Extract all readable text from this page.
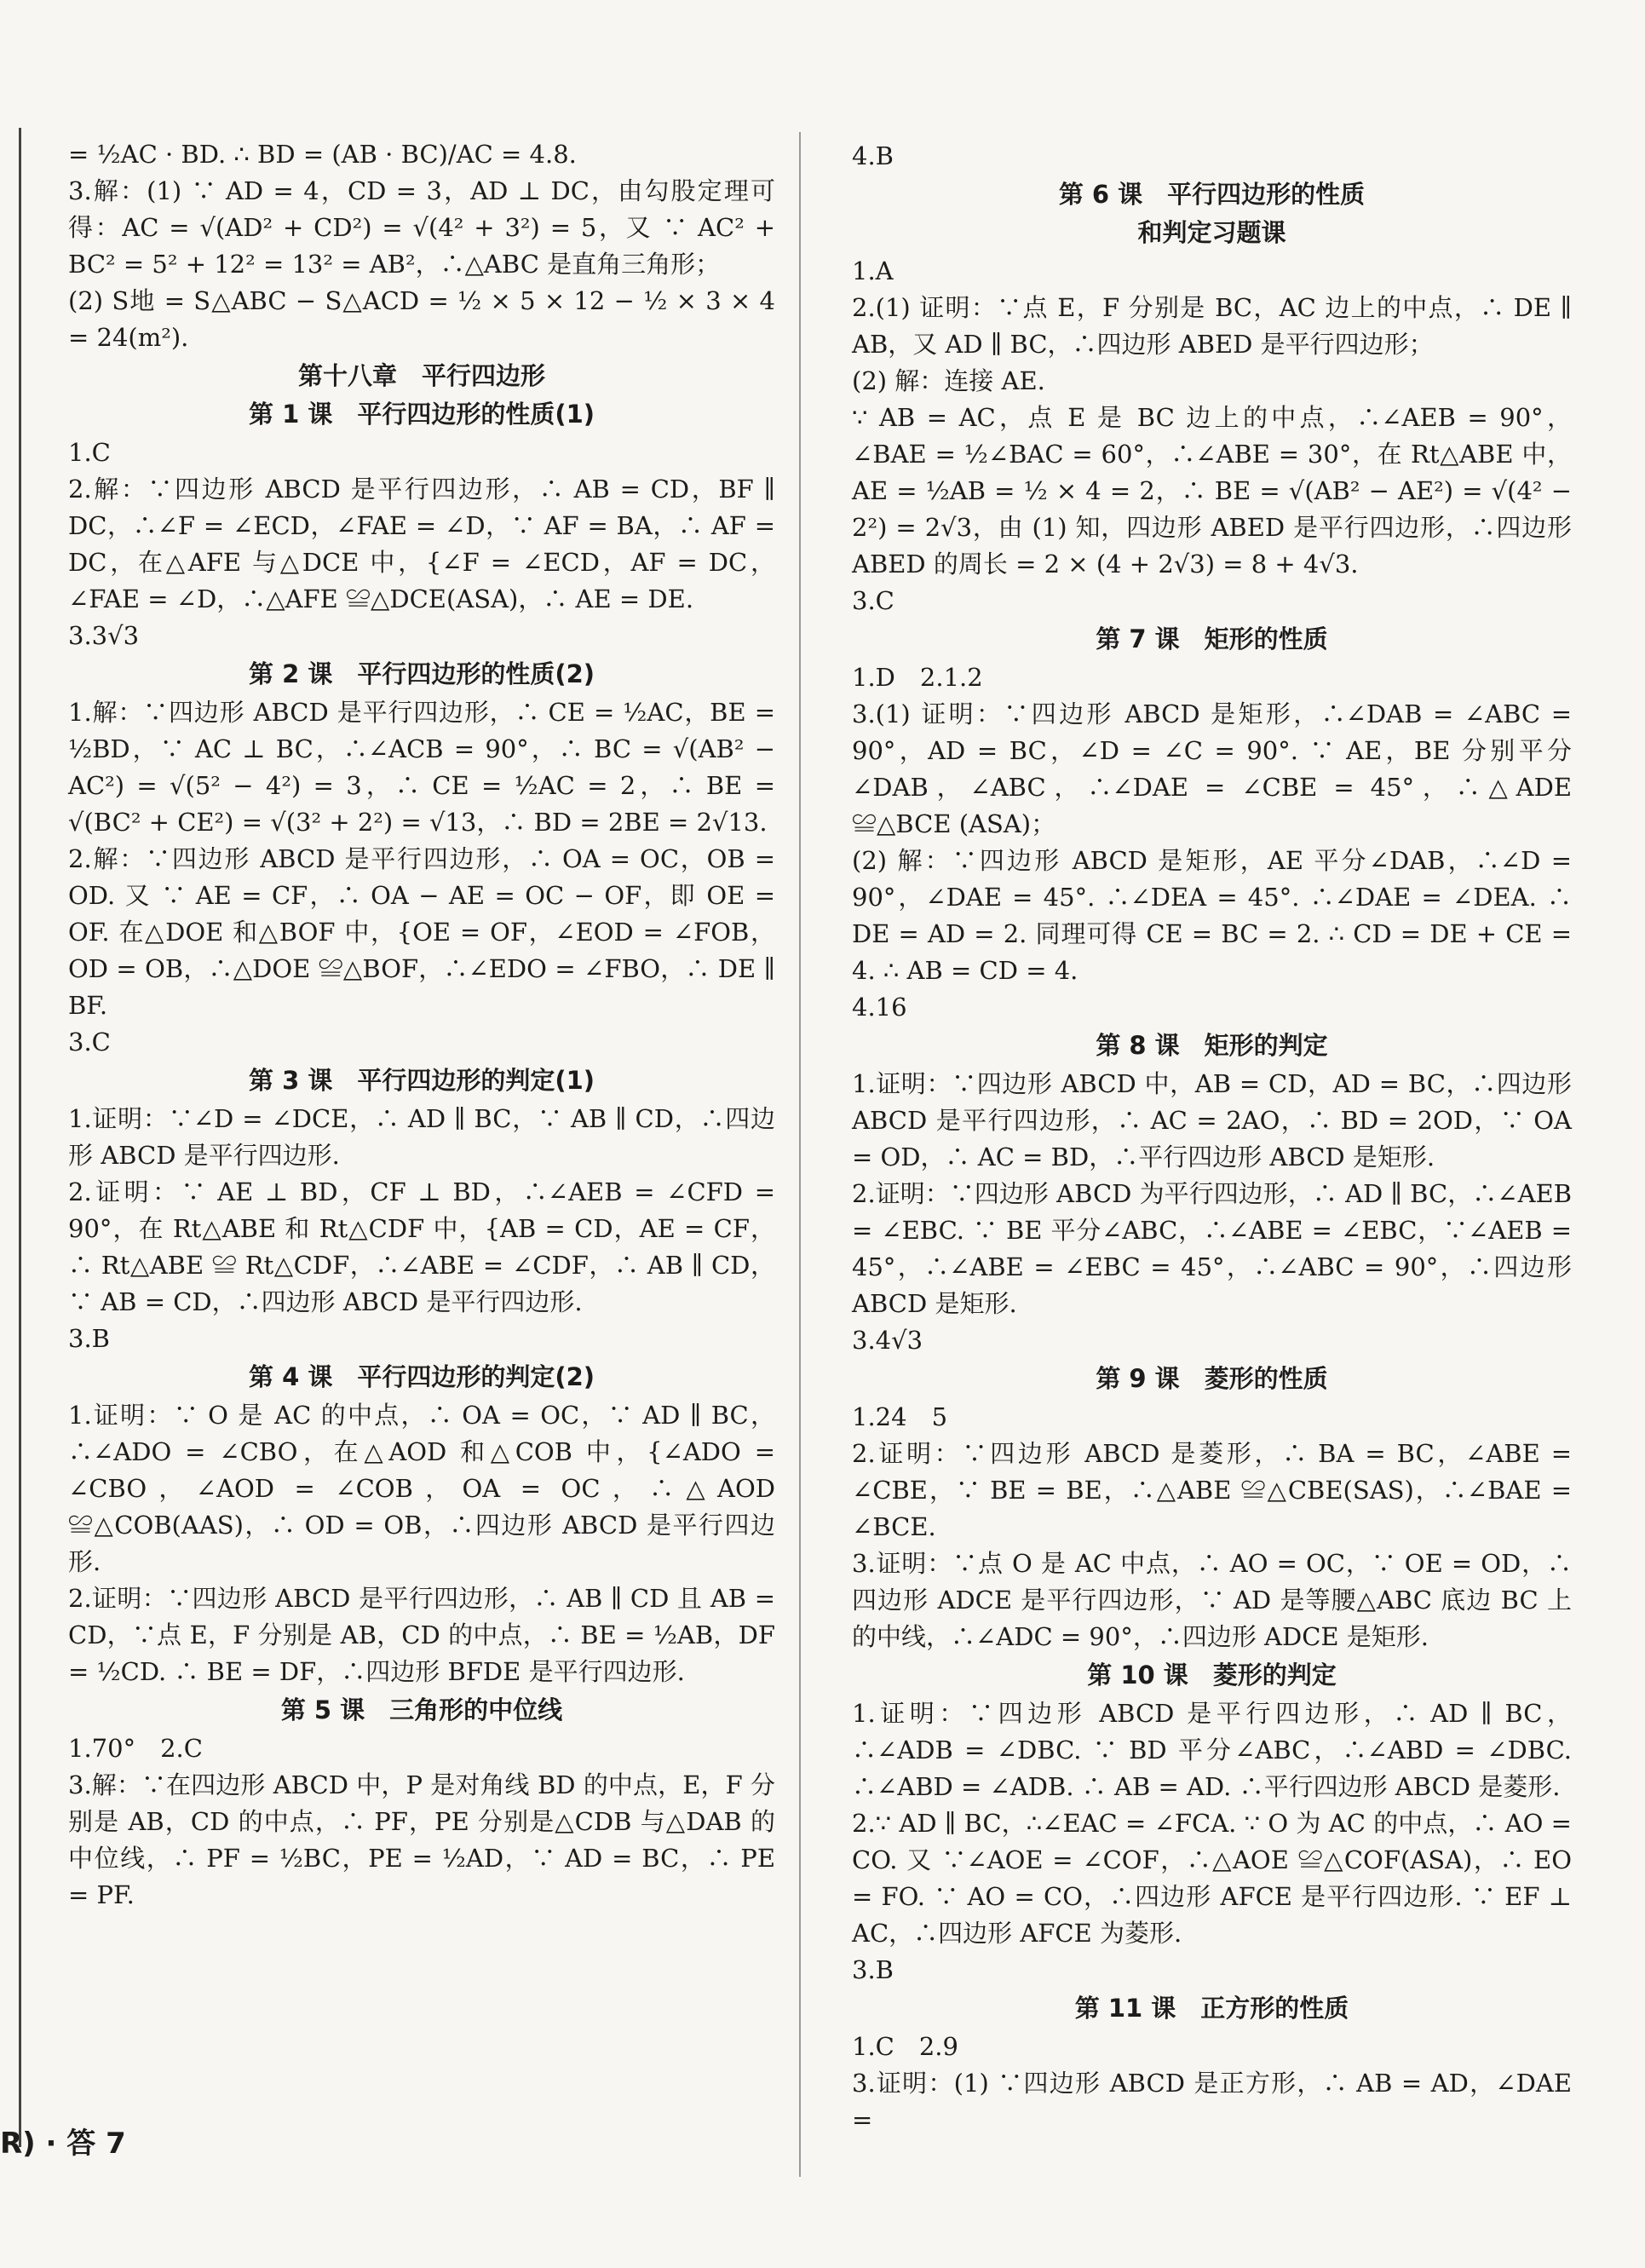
= ½AC · BD. ∴ BD = (AB · BC)/AC = 4.8.

3.解：(1) ∵ AD = 4，CD = 3，AD ⊥ DC，由勾股定理可得：AC = √(AD² + CD²) = √(4² + 3²) = 5，又 ∵ AC² + BC² = 5² + 12² = 13² = AB²，∴△ABC 是直角三角形；

(2) S地 = S△ABC − S△ACD = ½ × 5 × 12 − ½ × 3 × 4 = 24(m²).

第十八章　平行四边形
第 1 课　平行四边形的性质(1)

1.C

2.解：∵四边形 ABCD 是平行四边形，∴ AB = CD，BF ∥ DC，∴∠F = ∠ECD，∠FAE = ∠D，∵ AF = BA，∴ AF = DC，在△AFE 与△DCE 中，{∠F = ∠ECD，AF = DC，∠FAE = ∠D，∴△AFE ≌△DCE(ASA)，∴ AE = DE.

3.3√3

第 2 课　平行四边形的性质(2)

1.解：∵四边形 ABCD 是平行四边形，∴ CE = ½AC，BE = ½BD，∵ AC ⊥ BC，∴∠ACB = 90°，∴ BC = √(AB² − AC²) = √(5² − 4²) = 3，∴ CE = ½AC = 2，∴ BE = √(BC² + CE²) = √(3² + 2²) = √13，∴ BD = 2BE = 2√13.

2.解：∵四边形 ABCD 是平行四边形，∴ OA = OC，OB = OD. 又 ∵ AE = CF，∴ OA − AE = OC − OF，即 OE = OF. 在△DOE 和△BOF 中，{OE = OF，∠EOD = ∠FOB，OD = OB，∴△DOE ≌△BOF，∴∠EDO = ∠FBO，∴ DE ∥ BF.

3.C

第 3 课　平行四边形的判定(1)

1.证明：∵∠D = ∠DCE，∴ AD ∥ BC，∵ AB ∥ CD，∴四边形 ABCD 是平行四边形.

2.证明：∵ AE ⊥ BD，CF ⊥ BD，∴∠AEB = ∠CFD = 90°，在 Rt△ABE 和 Rt△CDF 中，{AB = CD，AE = CF，∴ Rt△ABE ≌ Rt△CDF，∴∠ABE = ∠CDF，∴ AB ∥ CD，∵ AB = CD，∴四边形 ABCD 是平行四边形.

3.B

第 4 课　平行四边形的判定(2)

1.证明：∵ O 是 AC 的中点，∴ OA = OC，∵ AD ∥ BC，∴∠ADO = ∠CBO，在△AOD 和△COB 中，{∠ADO = ∠CBO，∠AOD = ∠COB，OA = OC，∴△AOD ≌△COB(AAS)，∴ OD = OB，∴四边形 ABCD 是平行四边形.

2.证明：∵四边形 ABCD 是平行四边形，∴ AB ∥ CD 且 AB = CD，∵点 E，F 分别是 AB，CD 的中点，∴ BE = ½AB，DF = ½CD. ∴ BE = DF，∴四边形 BFDE 是平行四边形.

第 5 课　三角形的中位线

1.70°　2.C

3.解：∵在四边形 ABCD 中，P 是对角线 BD 的中点，E，F 分别是 AB，CD 的中点，∴ PF，PE 分别是△CDB 与△DAB 的中位线，∴ PF = ½BC，PE = ½AD，∵ AD = BC，∴ PE = PF.

4.B

第 6 课　平行四边形的性质
和判定习题课

1.A

2.(1) 证明：∵点 E，F 分别是 BC，AC 边上的中点，∴ DE ∥ AB，又 AD ∥ BC，∴四边形 ABED 是平行四边形；

(2) 解：连接 AE.

∵ AB = AC，点 E 是 BC 边上的中点，∴∠AEB = 90°，∠BAE = ½∠BAC = 60°，∴∠ABE = 30°，在 Rt△ABE 中，AE = ½AB = ½ × 4 = 2，∴ BE = √(AB² − AE²) = √(4² − 2²) = 2√3，由 (1) 知，四边形 ABED 是平行四边形，∴四边形 ABED 的周长 = 2 × (4 + 2√3) = 8 + 4√3.

3.C

第 7 课　矩形的性质

1.D　2.1.2

3.(1) 证明：∵四边形 ABCD 是矩形，∴∠DAB = ∠ABC = 90°，AD = BC，∠D = ∠C = 90°. ∵ AE，BE 分别平分∠DAB，∠ABC，∴∠DAE = ∠CBE = 45°，∴△ADE ≌△BCE (ASA)；

(2) 解：∵四边形 ABCD 是矩形，AE 平分∠DAB，∴∠D = 90°，∠DAE = 45°. ∴∠DEA = 45°. ∴∠DAE = ∠DEA. ∴ DE = AD = 2. 同理可得 CE = BC = 2. ∴ CD = DE + CE = 4. ∴ AB = CD = 4.

4.16

第 8 课　矩形的判定

1.证明：∵四边形 ABCD 中，AB = CD，AD = BC，∴四边形 ABCD 是平行四边形，∴ AC = 2AO，∴ BD = 2OD，∵ OA = OD，∴ AC = BD，∴平行四边形 ABCD 是矩形.

2.证明：∵四边形 ABCD 为平行四边形，∴ AD ∥ BC，∴∠AEB = ∠EBC. ∵ BE 平分∠ABC，∴∠ABE = ∠EBC，∵∠AEB = 45°，∴∠ABE = ∠EBC = 45°，∴∠ABC = 90°，∴四边形 ABCD 是矩形.

3.4√3

第 9 课　菱形的性质

1.24　5

2.证明：∵四边形 ABCD 是菱形，∴ BA = BC，∠ABE = ∠CBE，∵ BE = BE，∴△ABE ≌△CBE(SAS)，∴∠BAE = ∠BCE.

3.证明：∵点 O 是 AC 中点，∴ AO = OC，∵ OE = OD，∴四边形 ADCE 是平行四边形，∵ AD 是等腰△ABC 底边 BC 上的中线，∴∠ADC = 90°，∴四边形 ADCE 是矩形.

第 10 课　菱形的判定

1.证明：∵四边形 ABCD 是平行四边形，∴ AD ∥ BC，∴∠ADB = ∠DBC. ∵ BD 平分∠ABC，∴∠ABD = ∠DBC. ∴∠ABD = ∠ADB. ∴ AB = AD. ∴平行四边形 ABCD 是菱形.

2.∵ AD ∥ BC，∴∠EAC = ∠FCA. ∵ O 为 AC 的中点，∴ AO = CO. 又 ∵∠AOE = ∠COF，∴△AOE ≌△COF(ASA)，∴ EO = FO. ∵ AO = CO，∴四边形 AFCE 是平行四边形. ∵ EF ⊥ AC，∴四边形 AFCE 为菱形.

3.B

第 11 课　正方形的性质

1.C　2.9

3.证明：(1) ∵四边形 ABCD 是正方形，∴ AB = AD，∠DAE =

R) · 答 7
